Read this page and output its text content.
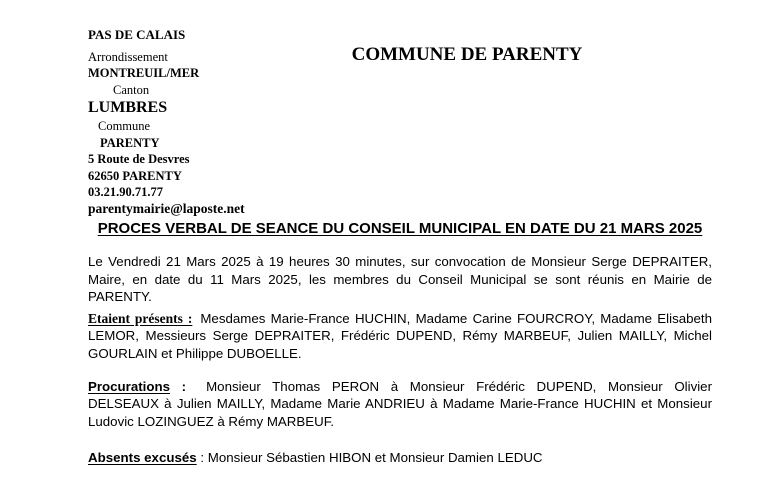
PAS DE CALAIS
Arrondissement
MONTREUIL/MER
Canton
LUMBRES
Commune
PARENTY
5 Route de Desvres
62650 PARENTY
03.21.90.71.77
parentymairie@laposte.net
COMMUNE DE PARENTY
PROCES VERBAL DE SEANCE DU CONSEIL MUNICIPAL EN DATE DU 21 MARS 2025

Le Vendredi 21 Mars 2025 à 19 heures 30 minutes, sur convocation de Monsieur Serge DEPRAITER, Maire, en date du 11 Mars 2025, les membres du Conseil Municipal se sont réunis en Mairie de PARENTY.

Etaient présents : Mesdames Marie-France HUCHIN, Madame Carine FOURCROY, Madame Elisabeth LEMOR, Messieurs Serge DEPRAITER, Frédéric DUPEND, Rémy MARBEUF, Julien MAILLY, Michel GOURLAIN et Philippe DUBOELLE.

Procurations : Monsieur Thomas PERON à Monsieur Frédéric DUPEND, Monsieur Olivier DELSEAUX à Julien MAILLY, Madame Marie ANDRIEU à Madame Marie-France HUCHIN et Monsieur Ludovic LOZINGUEZ à Rémy MARBEUF.

Absents excusés : Monsieur Sébastien HIBON et Monsieur Damien LEDUC
